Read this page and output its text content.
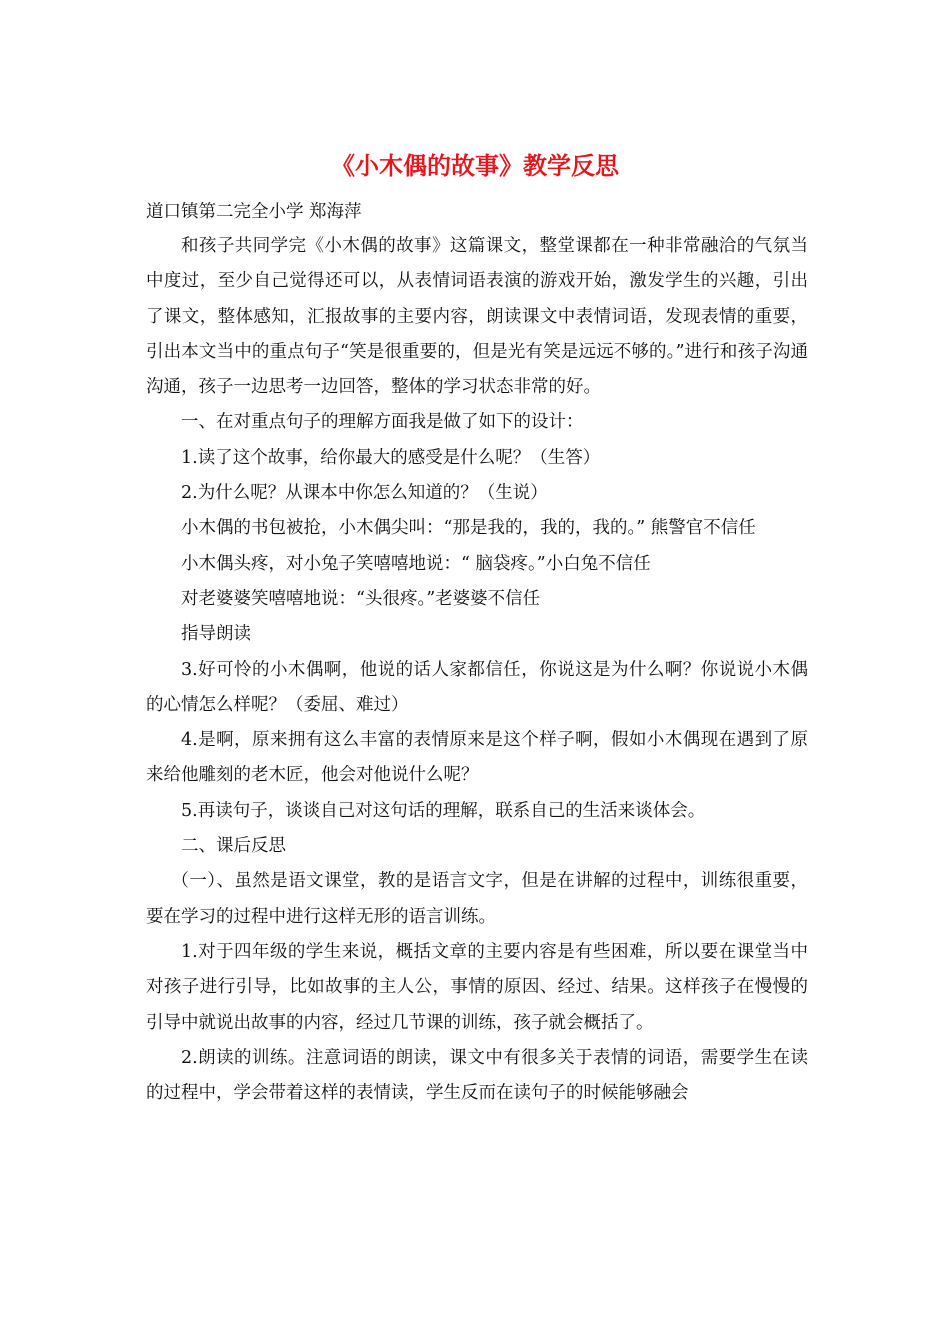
《小木偶的故事》教学反思
道口镇第二完全小学 郑海萍

和孩子共同学完《小木偶的故事》这篇课文，整堂课都在一种非常融洽的气氛当中度过，至少自己觉得还可以，从表情词语表演的游戏开始，激发学生的兴趣，引出了课文，整体感知，汇报故事的主要内容，朗读课文中表情词语，发现表情的重要，引出本文当中的重点句子“笑是很重要的，但是光有笑是远远不够的。”进行和孩子沟通沟通，孩子一边思考一边回答，整体的学习状态非常的好。

一、在对重点句子的理解方面我是做了如下的设计：

1.读了这个故事，给你最大的感受是什么呢？（生答）

2.为什么呢？从课本中你怎么知道的？（生说）

小木偶的书包被抢，小木偶尖叫：“那是我的，我的，我的。” 熊警官不信任

小木偶头疼，对小兔子笑嘻嘻地说：“ 脑袋疼。”小白兔不信任

对老婆婆笑嘻嘻地说：“头很疼。”老婆婆不信任

指导朗读

3.好可怜的小木偶啊，他说的话人家都信任，你说这是为什么啊？你说说小木偶的心情怎么样呢？（委屈、难过）

4.是啊，原来拥有这么丰富的表情原来是这个样子啊，假如小木偶现在遇到了原来给他雕刻的老木匠，他会对他说什么呢？

5.再读句子，谈谈自己对这句话的理解，联系自己的生活来谈体会。

二、课后反思

（一）、虽然是语文课堂，教的是语言文字，但是在讲解的过程中，训练很重要，要在学习的过程中进行这样无形的语言训练。

1.对于四年级的学生来说，概括文章的主要内容是有些困难，所以要在课堂当中对孩子进行引导，比如故事的主人公，事情的原因、经过、结果。这样孩子在慢慢的引导中就说出故事的内容，经过几节课的训练，孩子就会概括了。

2.朗读的训练。注意词语的朗读，课文中有很多关于表情的词语，需要学生在读的过程中，学会带着这样的表情读，学生反而在读句子的时候能够融会
